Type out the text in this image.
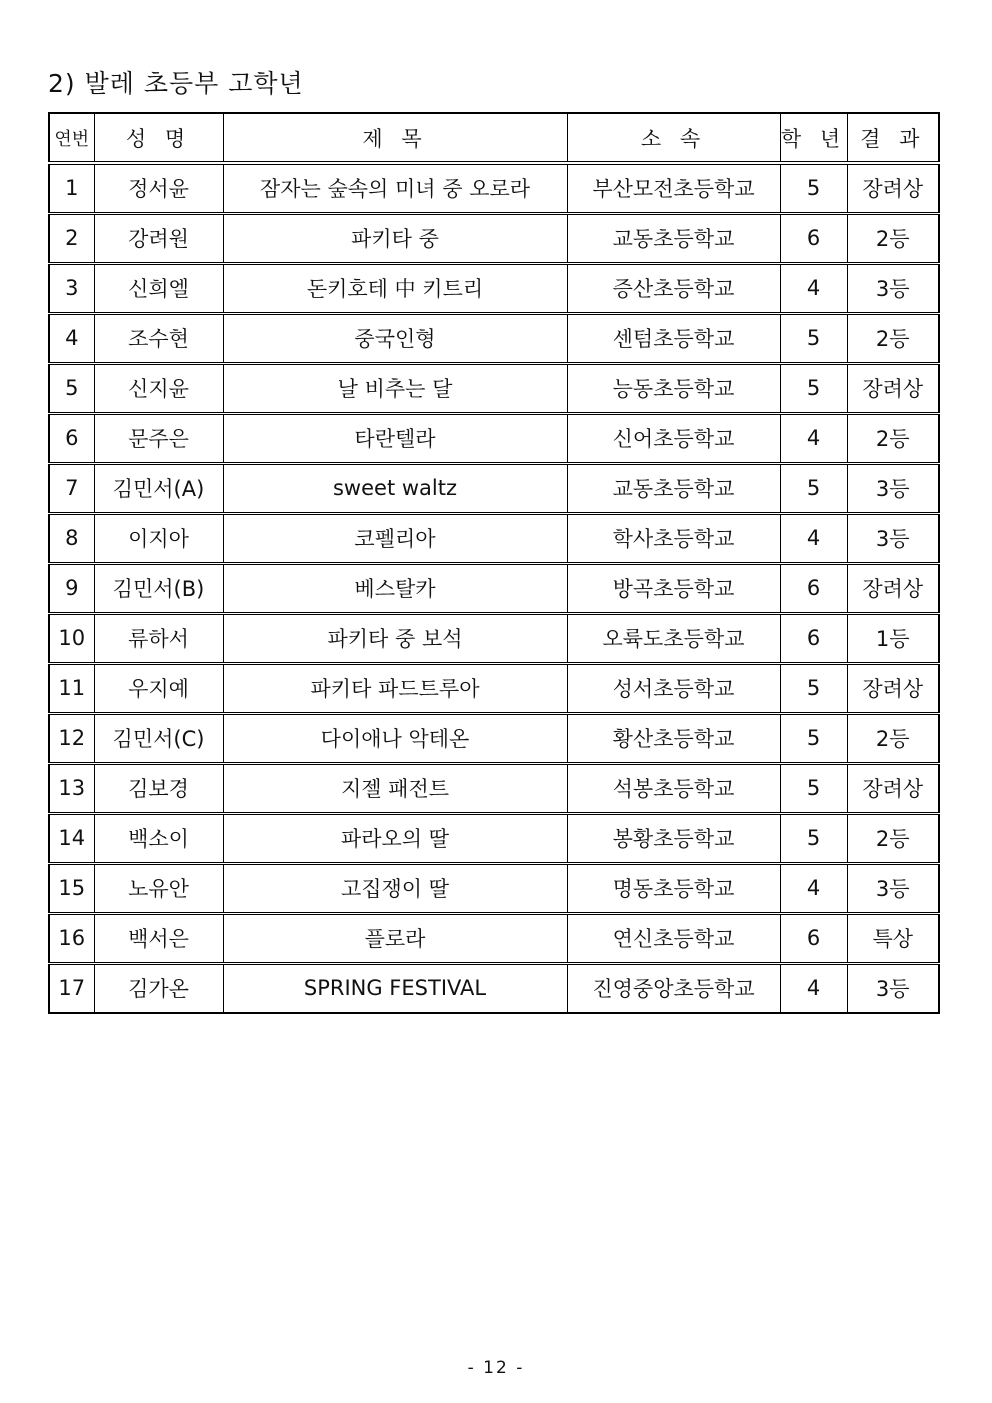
2) 발레 초등부 고학년
연번	성 명	제 목	소 속	학 년	결 과
1	정서윤	잠자는 숲속의 미녀 중 오로라	부산모전초등학교	5	장려상
2	강려원	파키타 중	교동초등학교	6	2등
3	신희엘	돈키호테 中 키트리	증산초등학교	4	3등
4	조수현	중국인형	센텀초등학교	5	2등
5	신지윤	날 비추는 달	능동초등학교	5	장려상
6	문주은	타란텔라	신어초등학교	4	2등
7	김민서(A)	sweet waltz	교동초등학교	5	3등
8	이지아	코펠리아	학사초등학교	4	3등
9	김민서(B)	베스탈카	방곡초등학교	6	장려상
10	류하서	파키타 중 보석	오륙도초등학교	6	1등
11	우지예	파키타 파드트루아	성서초등학교	5	장려상
12	김민서(C)	다이애나 악테온	황산초등학교	5	2등
13	김보경	지젤 패전트	석봉초등학교	5	장려상
14	백소이	파라오의 딸	봉황초등학교	5	2등
15	노유안	고집쟁이 딸	명동초등학교	4	3등
16	백서은	플로라	연신초등학교	6	특상
17	김가온	SPRING FESTIVAL	진영중앙초등학교	4	3등
- 12 -
